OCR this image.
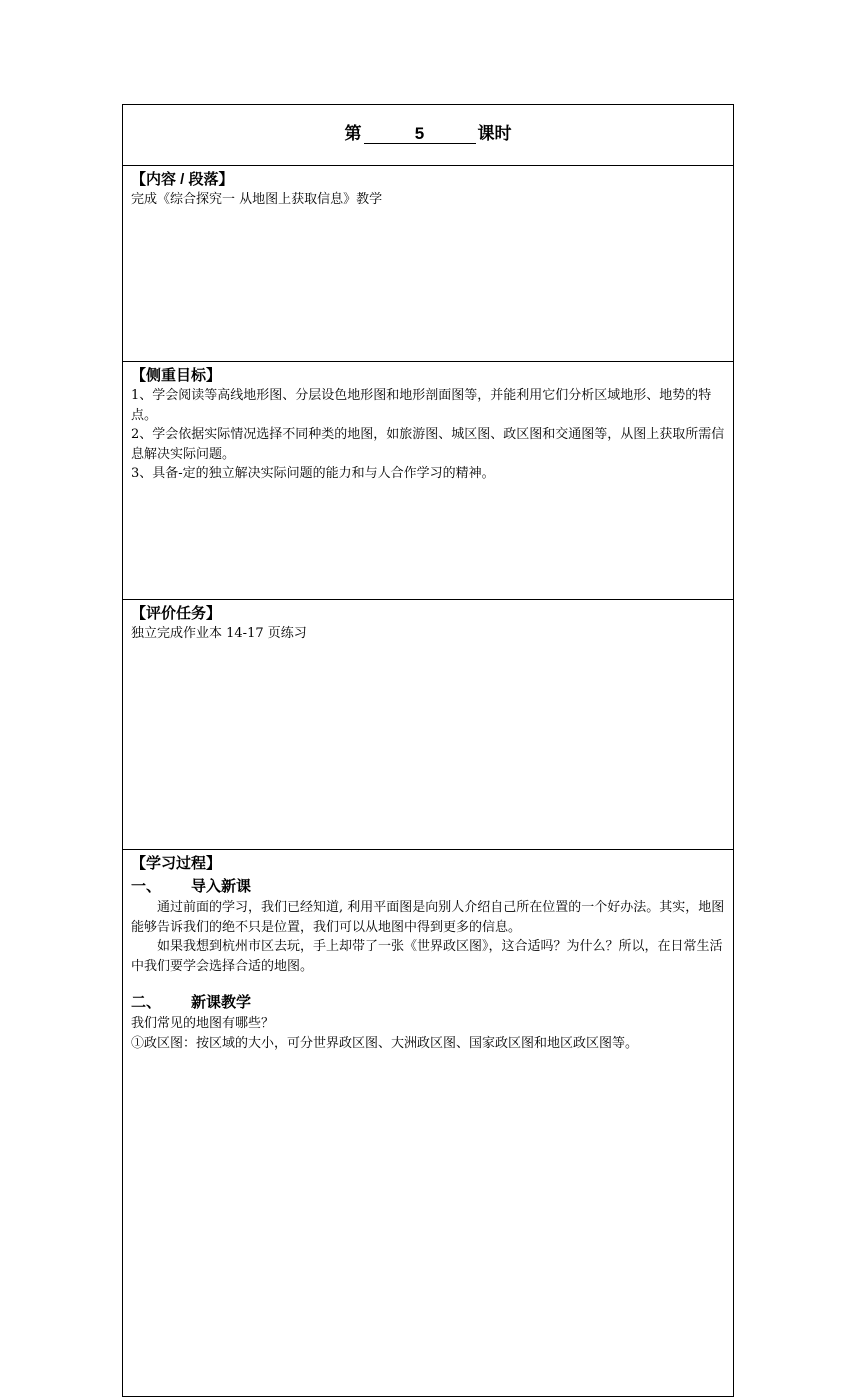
第	5	课时
【内容 / 段落】
完成《综合探究一 从地图上获取信息》教学
【侧重目标】
1、学会阅读等高线地形图、分层设色地形图和地形剖面图等，并能利用它们分析区域地形、地势的特点。
2、学会依据实际情况选择不同种类的地图，如旅游图、城区图、政区图和交通图等，从图上获取所需信息解决实际问题。
3、具备-定的独立解决实际问题的能力和与人合作学习的精神。
【评价任务】
独立完成作业本 14-17 页练习
【学习过程】
一、 导入新课
通过前面的学习，我们已经知道, 利用平面图是向别人介绍自己所在位置的一个好办法。其实，地图能够告诉我们的绝不只是位置，我们可以从地图中得到更多的信息。
如果我想到杭州市区去玩，手上却带了一张《世界政区图》，这合适吗？为什么？所以，在日常生活中我们要学会选择合适的地图。
二、 新课教学
我们常见的地图有哪些？
①政区图：按区域的大小，可分世界政区图、大洲政区图、国家政区图和地区政区图等。
